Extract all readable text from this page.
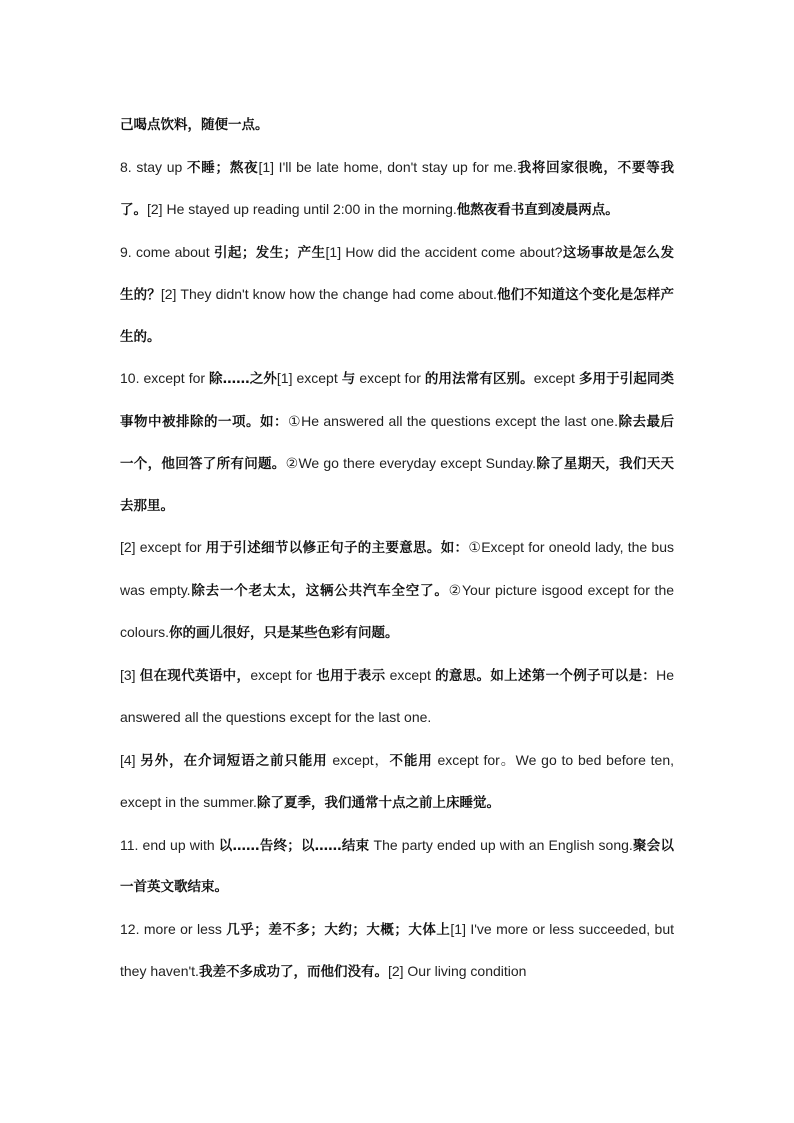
己喝点饮料，随便一点。

8. stay up 不睡；熬夜[1] I'll be late home, don't stay up for me.我将回家很晚，不要等我了。[2] He stayed up reading until 2:00 in the morning.他熬夜看书直到凌晨两点。

9. come about 引起；发生；产生[1] How did the accident come about?这场事故是怎么发生的？[2] They didn't know how the change had come about.他们不知道这个变化是怎样产生的。

10. except for 除……之外[1] except 与 except for 的用法常有区别。except 多用于引起同类事物中被排除的一项。如：①He answered all the questions except the last one.除去最后一个，他回答了所有问题。②We go there everyday except Sunday.除了星期天，我们天天去那里。

[2] except for 用于引述细节以修正句子的主要意思。如：①Except for oneold lady, the bus was empty.除去一个老太太，这辆公共汽车全空了。②Your picture isgood except for the colours.你的画儿很好，只是某些色彩有问题。

[3] 但在现代英语中，except for 也用于表示 except 的意思。如上述第一个例子可以是：He answered all the questions except for the last one.

[4] 另外，在介词短语之前只能用 except，不能用 except for。We go to bed before ten, except in the summer.除了夏季，我们通常十点之前上床睡觉。

11. end up with 以……告终；以……结束 The party ended up with an English song.聚会以一首英文歌结束。

12. more or less 几乎；差不多；大约；大概；大体上[1] I've more or less succeeded, but they haven't.我差不多成功了，而他们没有。[2] Our living condition
